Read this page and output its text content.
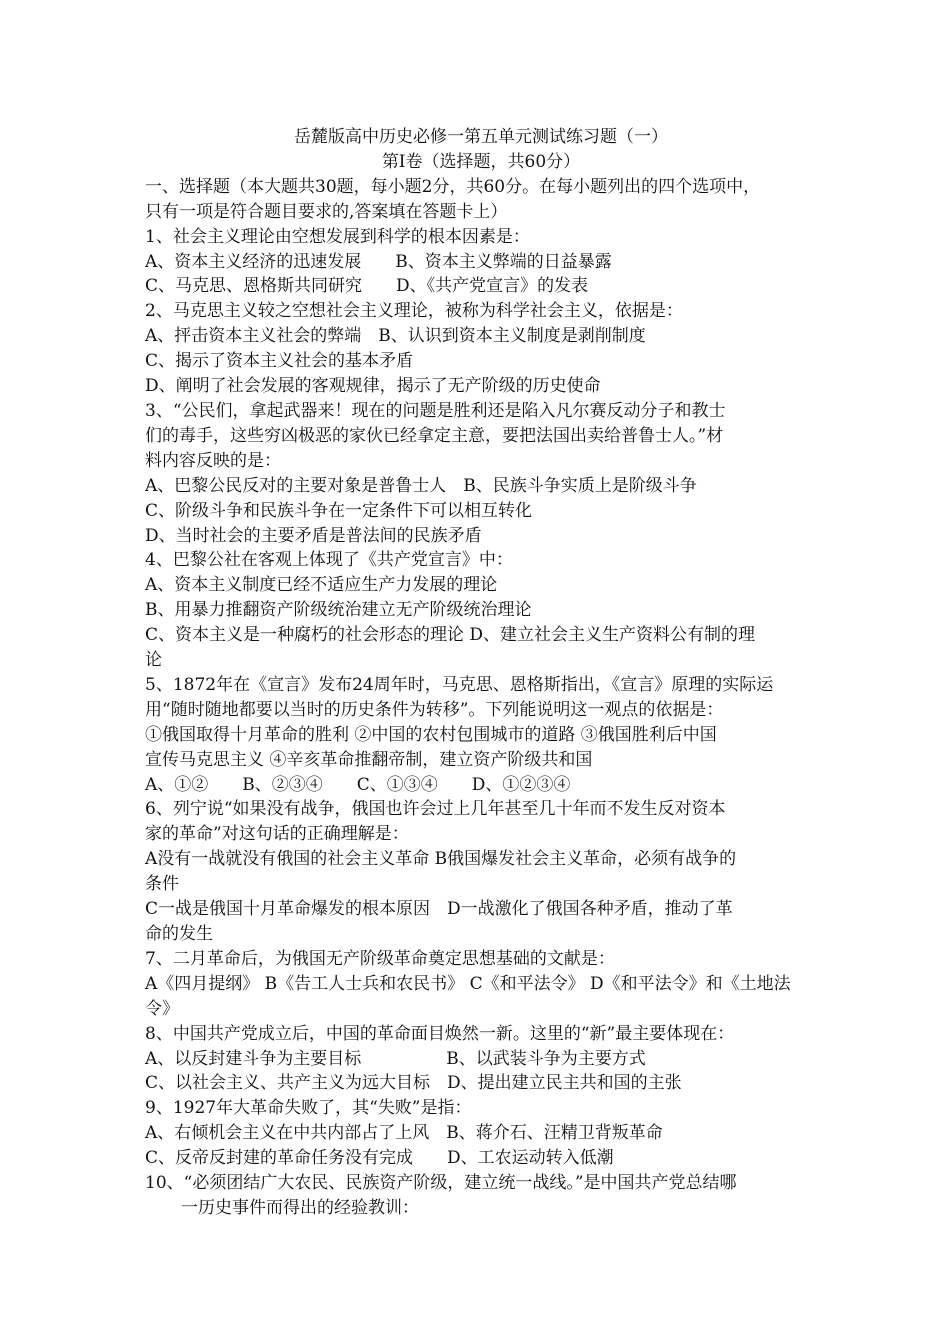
岳麓版高中历史必修一第五单元测试练习题（一）

第Ⅰ卷（选择题，共60分）

一、选择题（本大题共30题，每小题2分，共60分。在每小题列出的四个选项中，

只有一项是符合题目要求的,答案填在答题卡上）

1、社会主义理论由空想发展到科学的根本因素是：

A、资本主义经济的迅速发展　　B、资本主义弊端的日益暴露

C、马克思、恩格斯共同研究　　D、《共产党宣言》的发表

2、马克思主义较之空想社会主义理论，被称为科学社会主义，依据是：

A、抨击资本主义社会的弊端　B、认识到资本主义制度是剥削制度

C、揭示了资本主义社会的基本矛盾

D、阐明了社会发展的客观规律，揭示了无产阶级的历史使命

3、“公民们，拿起武器来！现在的问题是胜利还是陷入凡尔赛反动分子和教士

们的毒手，这些穷凶极恶的家伙已经拿定主意，要把法国出卖给普鲁士人。”材

料内容反映的是：

A、巴黎公民反对的主要对象是普鲁士人　B、民族斗争实质上是阶级斗争

C、阶级斗争和民族斗争在一定条件下可以相互转化

D、当时社会的主要矛盾是普法间的民族矛盾

4、巴黎公社在客观上体现了《共产党宣言》中：

A、资本主义制度已经不适应生产力发展的理论

B、用暴力推翻资产阶级统治建立无产阶级统治理论

C、资本主义是一种腐朽的社会形态的理论 D、建立社会主义生产资料公有制的理

论

5、1872年在《宣言》发布24周年时，马克思、恩格斯指出，《宣言》原理的实际运

用“随时随地都要以当时的历史条件为转移”。下列能说明这一观点的依据是：

①俄国取得十月革命的胜利 ②中国的农村包围城市的道路 ③俄国胜利后中国

宣传马克思主义 ④辛亥革命推翻帝制，建立资产阶级共和国

A、①②　　B、②③④　　C、①③④　　D、①②③④

6、列宁说“如果没有战争，俄国也许会过上几年甚至几十年而不发生反对资本

家的革命”对这句话的正确理解是：

A没有一战就没有俄国的社会主义革命 B俄国爆发社会主义革命，必须有战争的

条件

C一战是俄国十月革命爆发的根本原因　D一战激化了俄国各种矛盾，推动了革

命的发生

7、二月革命后，为俄国无产阶级革命奠定思想基础的文献是：

A《四月提纲》 B《告工人士兵和农民书》 C《和平法令》 D《和平法令》和《土地法

令》

8、中国共产党成立后，中国的革命面目焕然一新。这里的“新”最主要体现在：

A、以反封建斗争为主要目标　　　　　B、以武装斗争为主要方式

C、以社会主义、共产主义为远大目标　D、提出建立民主共和国的主张

9、1927年大革命失败了，其“失败”是指：

A、右倾机会主义在中共内部占了上风　B、蒋介石、汪精卫背叛革命

C、反帝反封建的革命任务没有完成　　D、工农运动转入低潮

10、“必须团结广大农民、民族资产阶级，建立统一战线。”是中国共产党总结哪

一历史事件而得出的经验教训：
